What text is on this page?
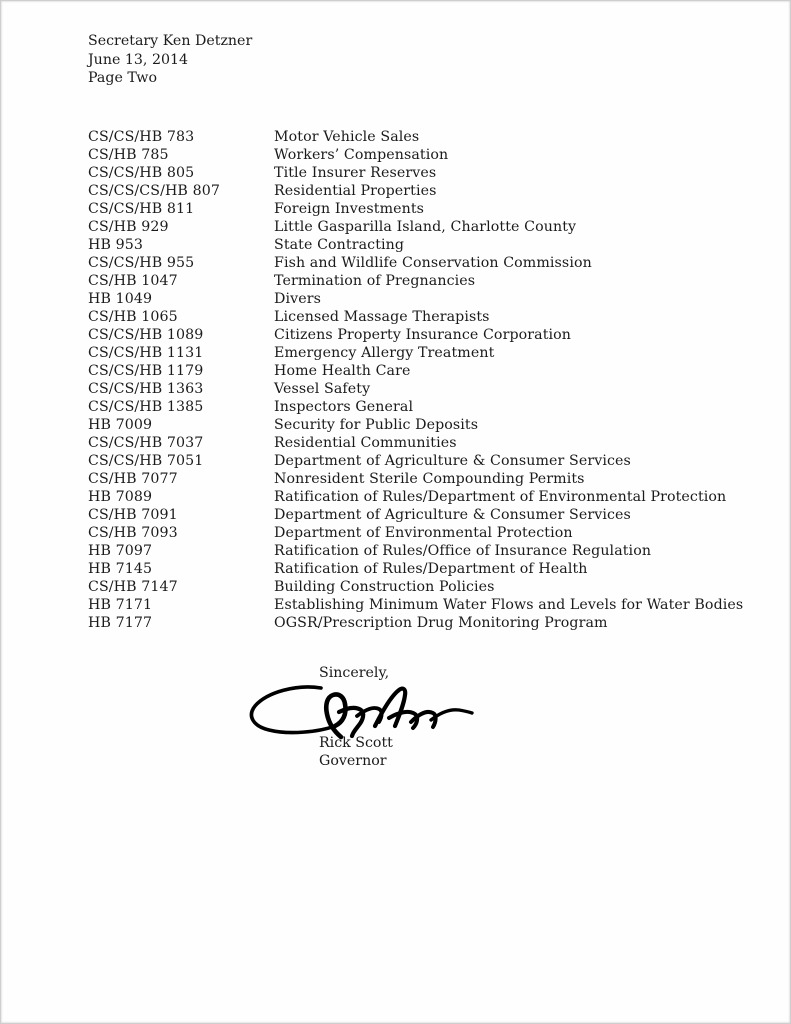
Secretary Ken Detzner
June 13, 2014
Page Two
CS/CS/HB 783	Motor Vehicle Sales
CS/HB 785	Workers’ Compensation
CS/CS/HB 805	Title Insurer Reserves
CS/CS/CS/HB 807	Residential Properties
CS/CS/HB 811	Foreign Investments
CS/HB 929	Little Gasparilla Island, Charlotte County
HB 953	State Contracting
CS/CS/HB 955	Fish and Wildlife Conservation Commission
CS/HB 1047	Termination of Pregnancies
HB 1049	Divers
CS/HB 1065	Licensed Massage Therapists
CS/CS/HB 1089	Citizens Property Insurance Corporation
CS/CS/HB 1131	Emergency Allergy Treatment
CS/CS/HB 1179	Home Health Care
CS/CS/HB 1363	Vessel Safety
CS/CS/HB 1385	Inspectors General
HB 7009	Security for Public Deposits
CS/CS/HB 7037	Residential Communities
CS/CS/HB 7051	Department of Agriculture & Consumer Services
CS/HB 7077	Nonresident Sterile Compounding Permits
HB 7089	Ratification of Rules/Department of Environmental Protection
CS/HB 7091	Department of Agriculture & Consumer Services
CS/HB 7093	Department of Environmental Protection
HB 7097	Ratification of Rules/Office of Insurance Regulation
HB 7145	Ratification of Rules/Department of Health
CS/HB 7147	Building Construction Policies
HB 7171	Establishing Minimum Water Flows and Levels for Water Bodies
HB 7177	OGSR/Prescription Drug Monitoring Program
Sincerely,
Rick Scott
Governor
